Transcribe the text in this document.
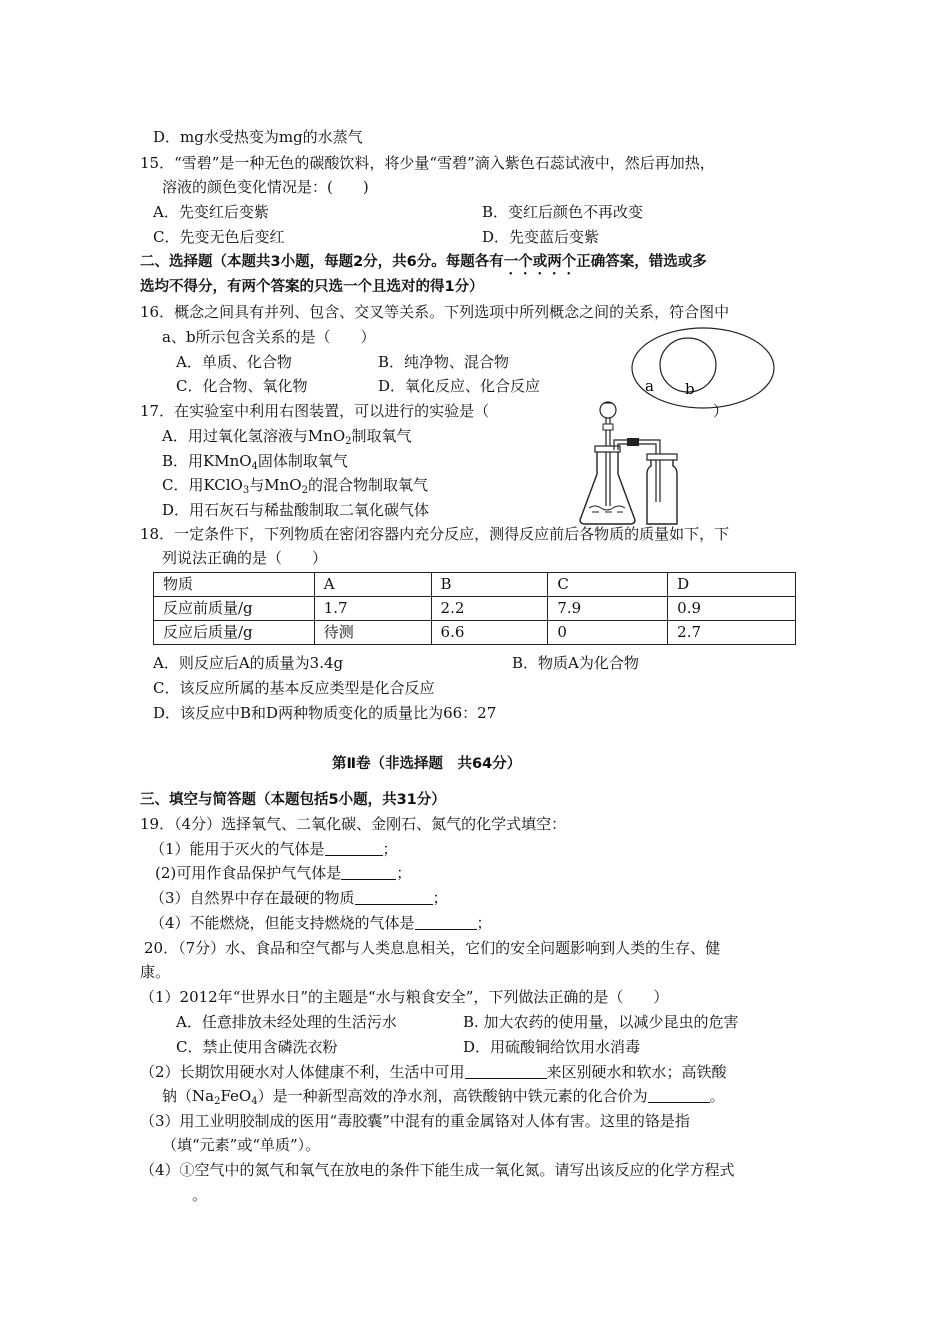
D．mg水受热变为mg的水蒸气
15．“雪碧”是一种无色的碳酸饮料，将少量“雪碧”滴入紫色石蕊试液中，然后再加热，
溶液的颜色变化情况是：(　　)
A．先变红后变紫	B．变红后颜色不再改变
C．先变无色后变红	D．先变蓝后变紫
二、选择题（本题共3小题，每题2分，共6分。每题各有一个或两个正确答案，错选或多
选均不得分，有两个答案的只选一个且选对的得1分）
16．概念之间具有并列、包含、交叉等关系。下列选项中所列概念之间的关系，符合图中
a、b所示包含关系的是（　　）
A．单质、化合物	B．纯净物、混合物
C．化合物、氧化物	D．氧化反应、化合反应	a b
17．在实验室中利用右图装置，可以进行的实验是（	）
A．用过氧化氢溶液与MnO$_2$制取氧气
B．用KMnO$_4$固体制取氧气
C．用KClO$_3$与MnO$_2$的混合物制取氧气
D．用石灰石与稀盐酸制取二氧化碳气体
18．一定条件下，下列物质在密闭容器内充分反应，测得反应前后各物质的质量如下，下
列说法正确的是（　　）
物质	A	B	C	D
反应前质量/g	1.7	2.2	7.9	0.9
反应后质量/g	待测	6.6	0	2.7
A．则反应后A的质量为3.4g	B．物质A为化合物
C．该反应所属的基本反应类型是化合反应
D．该反应中B和D两种物质变化的质量比为66：27
第Ⅱ卷（非选择题　共64分）
三、填空与简答题（本题包括5小题，共31分）
19．（4分）选择氧气、二氧化碳、金刚石、氮气的化学式填空：
（1）能用于灭火的气体是	；
(2)可用作食品保护气气体是	；
（3）自然界中存在最硬的物质	；
（4）不能燃烧，但能支持燃烧的气体是	；
20．（7分）水、食品和空气都与人类息息相关，它们的安全问题影响到人类的生存、健
康。
（1）2012年“世界水日”的主题是“水与粮食安全”，下列做法正确的是（　　）
A．任意排放未经处理的生活污水	B. 加大农药的使用量，以减少昆虫的危害
C．禁止使用含磷洗衣粉	D．用硫酸铜给饮用水消毒
（2）长期饮用硬水对人体健康不利，生活中可用	来区别硬水和软水；高铁酸
钠$(Na_2FeO_4)$是一种新型高效的净水剂，高铁酸钠中铁元素的化合价为	。
（3）用工业明胶制成的医用“毒胶囊”中混有的重金属铬对人体有害。这里的铬是指
（填“元素”或“单质”）。
（4）①空气中的氮气和氧气在放电的条件下能生成一氧化氮。请写出该反应的化学方程式
。
